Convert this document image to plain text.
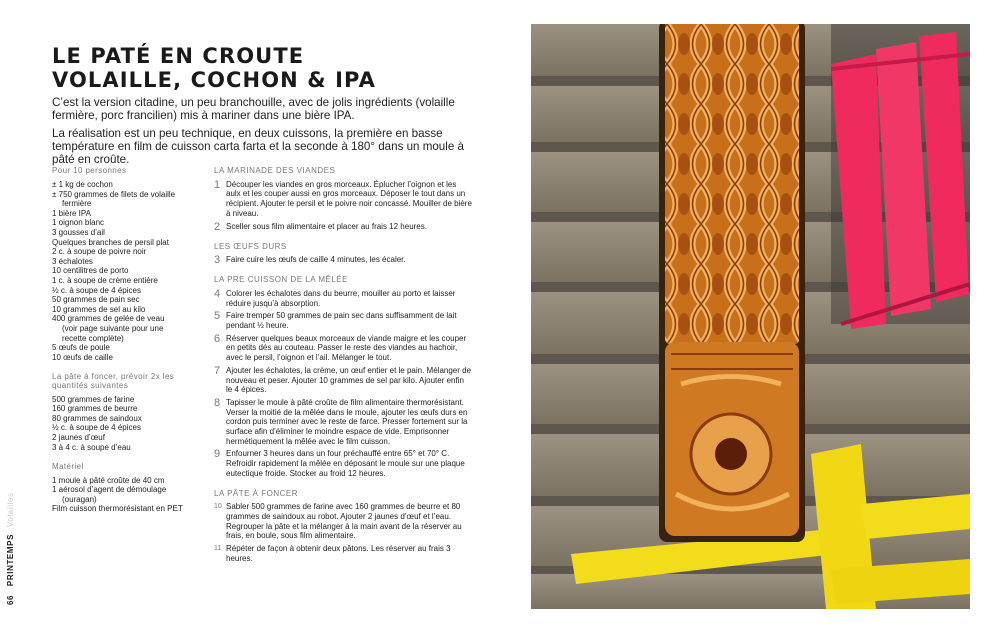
LE PATÉ EN CROUTE
VOLAILLE, COCHON & IPA

C’est la version citadine, un peu branchouille, avec de jolis ingrédients (volaille fermière, porc francilien) mis à mariner dans une bière IPA.

La réalisation est un peu technique, en deux cuissons, la première en basse température en film de cuisson carta farta et la seconde à 180° dans un moule à pâté en croûte.

Pour 10 personnes
± 1 kg de cochon
± 750 grammes de filets de volaille
fermière
1 bière IPA
1 oignon blanc
3 gousses d’ail
Quelques branches de persil plat
2 c. à soupe de poivre noir
3 échalotes
10 centilitres de porto
1 c. à soupe de crème entière
½ c. à soupe de 4 épices
50 grammes de pain sec
10 grammes de sel au kilo
400 grammes de gelée de veau
(voir page suivante pour une
recette complète)
5 œufs de poule
10 œufs de caille
La pâte à foncer, prévoir 2x les quantités suivantes
500 grammes de farine
160 grammes de beurre
80 grammes de saindoux
½ c. à soupe de 4 épices
2 jaunes d’œuf
3 à 4 c. à soupe d’eau
Matériel
1 moule à pâté croûte de 40 cm
1 aérosol d’agent de démoulage
(ouragan)
Film cuisson thermorésistant en PET
LA MARINADE DES VIANDES
1 Découper les viandes en gros morceaux. Éplucher l’oignon et les aulx et les couper aussi en gros morceaux. Déposer le tout dans un récipient. Ajouter le persil et le poivre noir concassé. Mouiller de bière à niveau.
2 Sceller sous film alimentaire et placer au frais 12 heures.
LES ŒUFS DURS
3 Faire cuire les œufs de caille 4 minutes, les écaler.
LA PRE CUISSON DE LA MÊLÉE
4 Colorer les échalotes dans du beurre, mouiller au porto et laisser réduire jusqu’à absorption.
5 Faire tremper 50 grammes de pain sec dans suffisamment de lait pendant ½ heure.
6 Réserver quelques beaux morceaux de viande maigre et les couper en petits dés au couteau. Passer le reste des viandes au hachoir, avec le persil, l’oignon et l’ail. Mélanger le tout.
7 Ajouter les échalotes, la crème, un œuf entier et le pain. Mélanger de nouveau et peser. Ajouter 10 grammes de sel par kilo. Ajouter enfin le 4 épices.
8 Tapisser le moule à pâté croûte de film alimentaire thermorésistant. Verser la moitié de la mêlée dans le moule, ajouter les œufs durs en cordon puis terminer avec le reste de farce. Presser fortement sur la surface afin d’éliminer le moindre espace de vide. Emprisonner hermétiquement la mêlée avec le film cuisson.
9 Enfourner 3 heures dans un four préchauffé entre 65° et 70° C. Refroidir rapidement la mêlée en déposant le moule sur une plaque eutectique froide. Stocker au froid 12 heures.
LA PÂTE À FONCER
10 Sabler 500 grammes de farine avec 160 grammes de beurre et 80 grammes de saindoux au robot. Ajouter 2 jaunes d’œuf et l’eau. Regrouper la pâte et la mélanger à la main avant de la réserver au frais, en boule, sous film alimentaire.
11 Répéter de façon à obtenir deux pâtons. Les réserver au frais 3 heures.
66 PRINTEMPS Volailles
